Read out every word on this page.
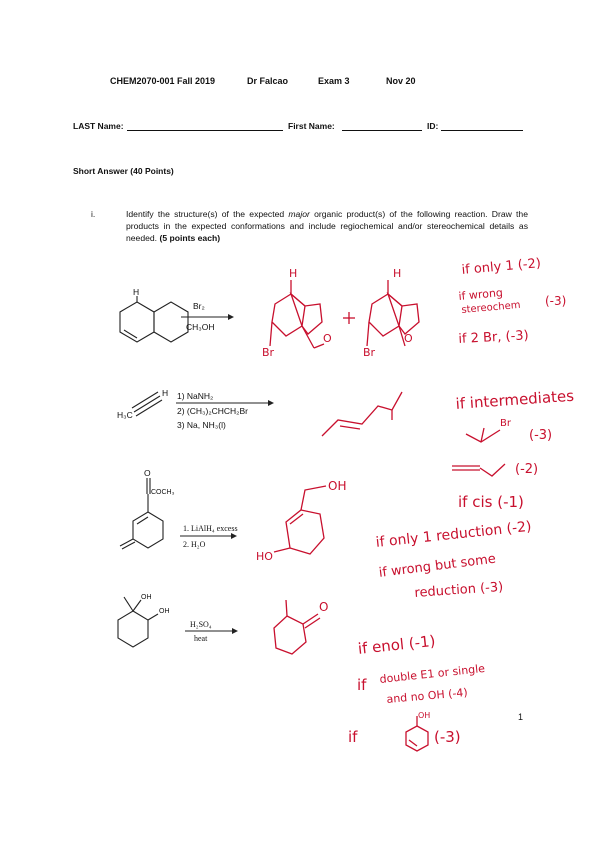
CHEM2070-001 Fall 2019	Dr Falcao	Exam 3	Nov 20
LAST Name:	First Name:	ID:
Short Answer (40 Points)
i.	Identify the structure(s) of the expected major organic product(s) of the following reaction. Draw the products in the expected conformations and include regiochemical and/or stereochemical details as needed. (5 points each)
H
Br₂
CH₃OH
H	H
Br	Br
O	O
H
H₃C
1) NaNH₂
2) (CH₃)₂CHCH₂Br
3) Na, NH₃(l)
O
COCH₃
1. LiAlH₄ excess
2. H₂O
OH
HO
OH
OH
H₂SO₄
heat
O
if only 1 (-2)
if wrong
stereochem (-3)
if 2 Br, (-3)
if intermediates
Br
(-3)
(-2)
if cis (-1)
if only 1 reduction (-2)
if wrong but some
reduction (-3)
if enol (-1)
if double E1 or single
and no OH (-4)
1
if
OH
(-3)
